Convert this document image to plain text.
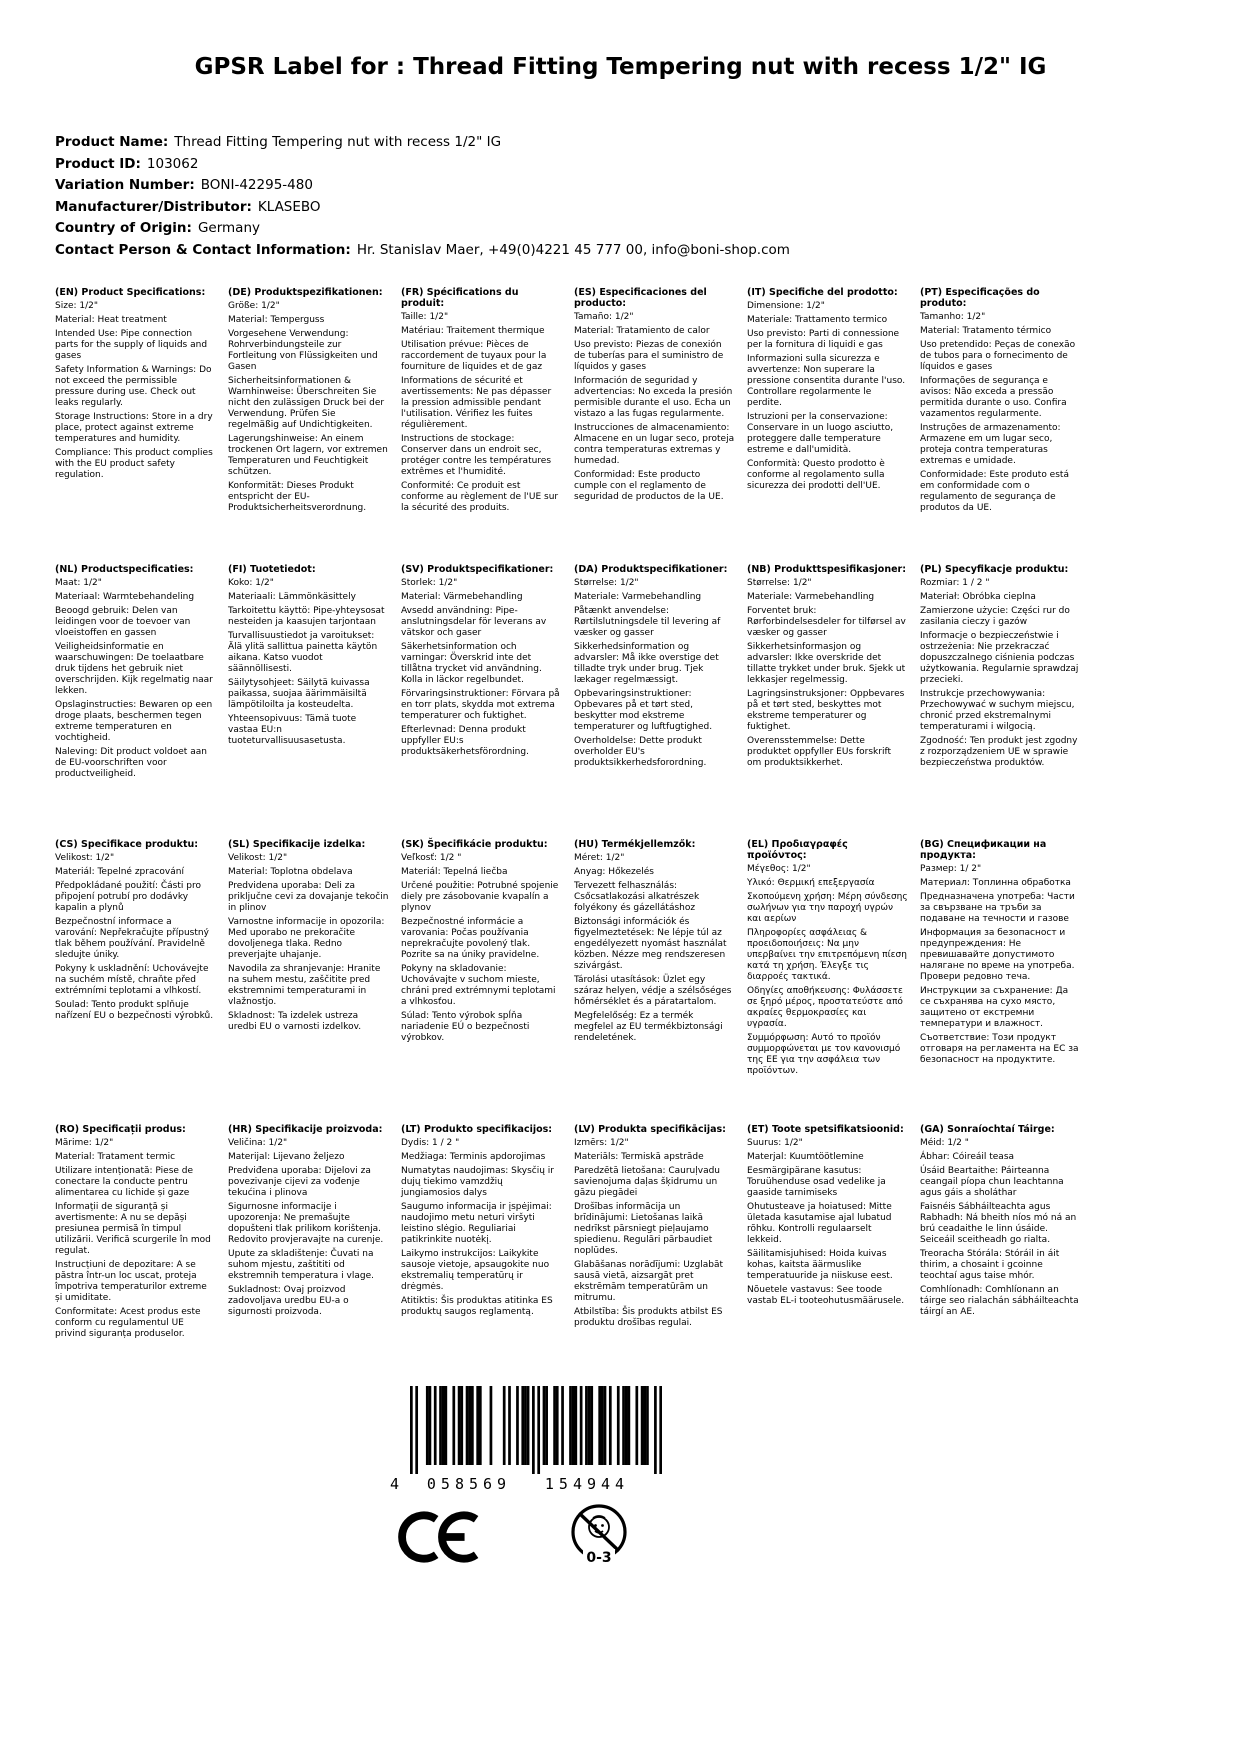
GPSR Label for : Thread Fitting Tempering nut with recess 1/2" IG
Product Name: Thread Fitting Tempering nut with recess 1/2" IG
Product ID: 103062
Variation Number: BONI-42295-480
Manufacturer/Distributor: KLASEBO
Country of Origin: Germany
Contact Person & Contact Information: Hr. Stanislav Maer, +49(0)4221 45 777 00, info@boni-shop.com
(EN) Product Specifications:

Size: 1/2"

Material: Heat treatment

Intended Use: Pipe connection parts for the supply of liquids and gases

Safety Information & Warnings: Do not exceed the permissible pressure during use. Check out leaks regularly.

Storage Instructions: Store in a dry place, protect against extreme temperatures and humidity.

Compliance: This product complies with the EU product safety regulation.

(DE) Produktspezifikationen:

Größe: 1/2"

Material: Temperguss

Vorgesehene Verwendung: Rohrverbindungsteile zur Fortleitung von Flüssigkeiten und Gasen

Sicherheitsinformationen & Warnhinweise: Überschreiten Sie nicht den zulässigen Druck bei der Verwendung. Prüfen Sie regelmäßig auf Undichtigkeiten.

Lagerungshinweise: An einem trockenen Ort lagern, vor extremen Temperaturen und Feuchtigkeit schützen.

Konformität: Dieses Produkt entspricht der EU-Produktsicherheitsverordnung.

(FR) Spécifications du produit:

Taille: 1/2"

Matériau: Traitement thermique

Utilisation prévue: Pièces de raccordement de tuyaux pour la fourniture de liquides et de gaz

Informations de sécurité et avertissements: Ne pas dépasser la pression admissible pendant l'utilisation. Vérifiez les fuites régulièrement.

Instructions de stockage: Conserver dans un endroit sec, protéger contre les températures extrêmes et l'humidité.

Conformité: Ce produit est conforme au règlement de l'UE sur la sécurité des produits.

(ES) Especificaciones del producto:

Tamaño: 1/2"

Material: Tratamiento de calor

Uso previsto: Piezas de conexión de tuberías para el suministro de líquidos y gases

Información de seguridad y advertencias: No exceda la presión permisible durante el uso. Echa un vistazo a las fugas regularmente.

Instrucciones de almacenamiento: Almacene en un lugar seco, proteja contra temperaturas extremas y humedad.

Conformidad: Este producto cumple con el reglamento de seguridad de productos de la UE.

(IT) Specifiche del prodotto:

Dimensione: 1/2"

Materiale: Trattamento termico

Uso previsto: Parti di connessione per la fornitura di liquidi e gas

Informazioni sulla sicurezza e avvertenze: Non superare la pressione consentita durante l'uso. Controllare regolarmente le perdite.

Istruzioni per la conservazione: Conservare in un luogo asciutto, proteggere dalle temperature estreme e dall'umidità.

Conformità: Questo prodotto è conforme al regolamento sulla sicurezza dei prodotti dell'UE.

(PT) Especificações do produto:

Tamanho: 1/2"

Material: Tratamento térmico

Uso pretendido: Peças de conexão de tubos para o fornecimento de líquidos e gases

Informações de segurança e avisos: Não exceda a pressão permitida durante o uso. Confira vazamentos regularmente.

Instruções de armazenamento: Armazene em um lugar seco, proteja contra temperaturas extremas e umidade.

Conformidade: Este produto está em conformidade com o regulamento de segurança de produtos da UE.

(NL) Productspecificaties:

Maat: 1/2"

Materiaal: Warmtebehandeling

Beoogd gebruik: Delen van leidingen voor de toevoer van vloeistoffen en gassen

Veiligheidsinformatie en waarschuwingen: De toelaatbare druk tijdens het gebruik niet overschrijden. Kijk regelmatig naar lekken.

Opslaginstructies: Bewaren op een droge plaats, beschermen tegen extreme temperaturen en vochtigheid.

Naleving: Dit product voldoet aan de EU-voorschriften voor productveiligheid.

(FI) Tuotetiedot:

Koko: 1/2"

Materiaali: Lämmönkäsittely

Tarkoitettu käyttö: Pipe-yhteysosat nesteiden ja kaasujen tarjontaan

Turvallisuustiedot ja varoitukset: Älä ylitä sallittua painetta käytön aikana. Katso vuodot säännöllisesti.

Säilytysohjeet: Säilytä kuivassa paikassa, suojaa äärimmäisiltä lämpötiloilta ja kosteudelta.

Yhteensopivuus: Tämä tuote vastaa EU:n tuoteturvallisuusasetusta.

(SV) Produktspecifikationer:

Storlek: 1/2"

Material: Värmebehandling

Avsedd användning: Pipe-anslutningsdelar för leverans av vätskor och gaser

Säkerhetsinformation och varningar: Överskrid inte det tillåtna trycket vid användning. Kolla in läckor regelbundet.

Förvaringsinstruktioner: Förvara på en torr plats, skydda mot extrema temperaturer och fuktighet.

Efterlevnad: Denna produkt uppfyller EU:s produktsäkerhetsförordning.

(DA) Produktspecifikationer:

Størrelse: 1/2"

Materiale: Varmebehandling

Påtænkt anvendelse: Rørtilslutningsdele til levering af væsker og gasser

Sikkerhedsinformation og advarsler: Må ikke overstige det tilladte tryk under brug. Tjek lækager regelmæssigt.

Opbevaringsinstruktioner: Opbevares på et tørt sted, beskytter mod ekstreme temperaturer og luftfugtighed.

Overholdelse: Dette produkt overholder EU's produktsikkerhedsforordning.

(NB) Produkttspesifikasjoner:

Størrelse: 1/2"

Materiale: Varmebehandling

Forventet bruk: Rørforbindelsesdeler for tilførsel av væsker og gasser

Sikkerhetsinformasjon og advarsler: Ikke overskride det tillatte trykket under bruk. Sjekk ut lekkasjer regelmessig.

Lagringsinstruksjoner: Oppbevares på et tørt sted, beskyttes mot ekstreme temperaturer og fuktighet.

Overensstemmelse: Dette produktet oppfyller EUs forskrift om produktsikkerhet.

(PL) Specyfikacje produktu:

Rozmiar: 1 / 2 "

Materiał: Obróbka cieplna

Zamierzone użycie: Części rur do zasilania cieczy i gazów

Informacje o bezpieczeństwie i ostrzeżenia: Nie przekraczać dopuszczalnego ciśnienia podczas użytkowania. Regularnie sprawdzaj przecieki.

Instrukcje przechowywania: Przechowywać w suchym miejscu, chronić przed ekstremalnymi temperaturami i wilgocią.

Zgodność: Ten produkt jest zgodny z rozporządzeniem UE w sprawie bezpieczeństwa produktów.

(CS) Specifikace produktu:

Velikost: 1/2"

Materiál: Tepelné zpracování

Předpokládané použití: Části pro připojení potrubí pro dodávky kapalin a plynů

Bezpečnostní informace a varování: Nepřekračujte přípustný tlak během používání. Pravidelně sledujte úniky.

Pokyny k uskladnění: Uchovávejte na suchém místě, chraňte před extrémními teplotami a vlhkostí.

Soulad: Tento produkt splňuje nařízení EU o bezpečnosti výrobků.

(SL) Specifikacije izdelka:

Velikost: 1/2"

Material: Toplotna obdelava

Predvidena uporaba: Deli za priključne cevi za dovajanje tekočin in plinov

Varnostne informacije in opozorila: Med uporabo ne prekoračite dovoljenega tlaka. Redno preverjajte uhajanje.

Navodila za shranjevanje: Hranite na suhem mestu, zaščitite pred ekstremnimi temperaturami in vlažnostjo.

Skladnost: Ta izdelek ustreza uredbi EU o varnosti izdelkov.

(SK) Špecifikácie produktu:

Veľkosť: 1/2 "

Materiál: Tepelná liečba

Určené použitie: Potrubné spojenie diely pre zásobovanie kvapalín a plynov

Bezpečnostné informácie a varovania: Počas používania neprekračujte povolený tlak. Pozrite sa na úniky pravidelne.

Pokyny na skladovanie: Uchovávajte v suchom mieste, chráni pred extrémnymi teplotami a vlhkosťou.

Súlad: Tento výrobok spĺňa nariadenie EÚ o bezpečnosti výrobkov.

(HU) Termékjellemzők:

Méret: 1/2"

Anyag: Hőkezelés

Tervezett felhasználás: Csőcsatlakozási alkatrészek folyékony és gázellátáshoz

Biztonsági információk és figyelmeztetések: Ne lépje túl az engedélyezett nyomást használat közben. Nézze meg rendszeresen szivárgást.

Tárolási utasítások: Üzlet egy száraz helyen, védje a szélsőséges hőmérséklet és a páratartalom.

Megfelelőség: Ez a termék megfelel az EU termékbiztonsági rendeletének.

(EL) Προδιαγραφές προϊόντος:

Μέγεθος: 1/2"

Υλικό: Θερμική επεξεργασία

Σκοπούμενη χρήση: Μέρη σύνδεσης σωλήνων για την παροχή υγρών και αερίων

Πληροφορίες ασφάλειας & προειδοποιήσεις: Να μην υπερβαίνει την επιτρεπόμενη πίεση κατά τη χρήση. Έλεγξε τις διαρροές τακτικά.

Οδηγίες αποθήκευσης: Φυλάσσετε σε ξηρό μέρος, προστατεύστε από ακραίες θερμοκρασίες και υγρασία.

Συμμόρφωση: Αυτό το προϊόν συμμορφώνεται με τον κανονισμό της ΕΕ για την ασφάλεια των προϊόντων.

(BG) Спецификации на продукта:

Размер: 1/ 2"

Материал: Топлинна обработка

Предназначена употреба: Части за свързване на тръби за подаване на течности и газове

Информация за безопасност и предупреждения: Не превишавайте допустимото налягане по време на употреба. Провери редовно теча.

Инструкции за съхранение: Да се съхранява на сухо място, защитено от екстремни температури и влажност.

Съответствие: Този продукт отговаря на регламента на ЕС за безопасност на продуктите.

(RO) Specificații produs:

Mărime: 1/2"

Material: Tratament termic

Utilizare intenționată: Piese de conectare la conducte pentru alimentarea cu lichide și gaze

Informații de siguranță și avertismente: A nu se depăși presiunea permisă în timpul utilizării. Verifică scurgerile în mod regulat.

Instrucțiuni de depozitare: A se păstra într-un loc uscat, proteja împotriva temperaturilor extreme și umiditate.

Conformitate: Acest produs este conform cu regulamentul UE privind siguranța produselor.

(HR) Specifikacije proizvoda:

Veličina: 1/2"

Materijal: Lijevano željezo

Predviđena uporaba: Dijelovi za povezivanje cijevi za vođenje tekućina i plinova

Sigurnosne informacije i upozorenja: Ne premašujte dopušteni tlak prilikom korištenja. Redovito provjeravajte na curenje.

Upute za skladištenje: Čuvati na suhom mjestu, zaštititi od ekstremnih temperatura i vlage.

Sukladnost: Ovaj proizvod zadovoljava uredbu EU-a o sigurnosti proizvoda.

(LT) Produkto specifikacijos:

Dydis: 1 / 2 "

Medžiaga: Terminis apdorojimas

Numatytas naudojimas: Skysčių ir dujų tiekimo vamzdžių jungiamosios dalys

Saugumo informacija ir įspėjimai: naudojimo metu neturi viršyti leistino slėgio. Reguliariai patikrinkite nuotėkį.

Laikymo instrukcijos: Laikykite sausoje vietoje, apsaugokite nuo ekstremalių temperatūrų ir drėgmės.

Atitiktis: Šis produktas atitinka ES produktų saugos reglamentą.

(LV) Produkta specifikācijas:

Izmērs: 1/2"

Materiāls: Termiskā apstrāde

Paredzētā lietošana: Cauruļvadu savienojuma daļas šķidrumu un gāzu piegādei

Drošības informācija un brīdinājumi: Lietošanas laikā nedrīkst pārsniegt pieļaujamo spiedienu. Regulāri pārbaudiet noplūdes.

Glabāšanas norādījumi: Uzglabāt sausā vietā, aizsargāt pret ekstrēmām temperatūrām un mitrumu.

Atbilstība: Šis produkts atbilst ES produktu drošības regulai.

(ET) Toote spetsifikatsioonid:

Suurus: 1/2"

Materjal: Kuumtöötlemine

Eesmärgipärane kasutus: Toruühenduse osad vedelike ja gaaside tarnimiseks

Ohutusteave ja hoiatused: Mitte ületada kasutamise ajal lubatud rõhku. Kontrolli regulaarselt lekkeid.

Säilitamisjuhised: Hoida kuivas kohas, kaitsta äärmuslike temperatuuride ja niiskuse eest.

Nõuetele vastavus: See toode vastab EL-i tooteohutusmäärusele.

(GA) Sonraíochtaí Táirge:

Méid: 1/2 "

Ábhar: Cóireáil teasa

Úsáid Beartaithe: Páirteanna ceangail píopa chun leachtanna agus gáis a sholáthar

Faisnéis Sábháilteachta agus Rabhadh: Ná bheith níos mó ná an brú ceadaithe le linn úsáide. Seiceáil sceitheadh go rialta.

Treoracha Stórála: Stóráil in áit thirim, a chosaint i gcoinne teochtaí agus taise mhór.

Comhlíonadh: Comhlíonann an táirge seo rialachán sábháilteachta táirgí an AE.

4	058569	154944
0-3
